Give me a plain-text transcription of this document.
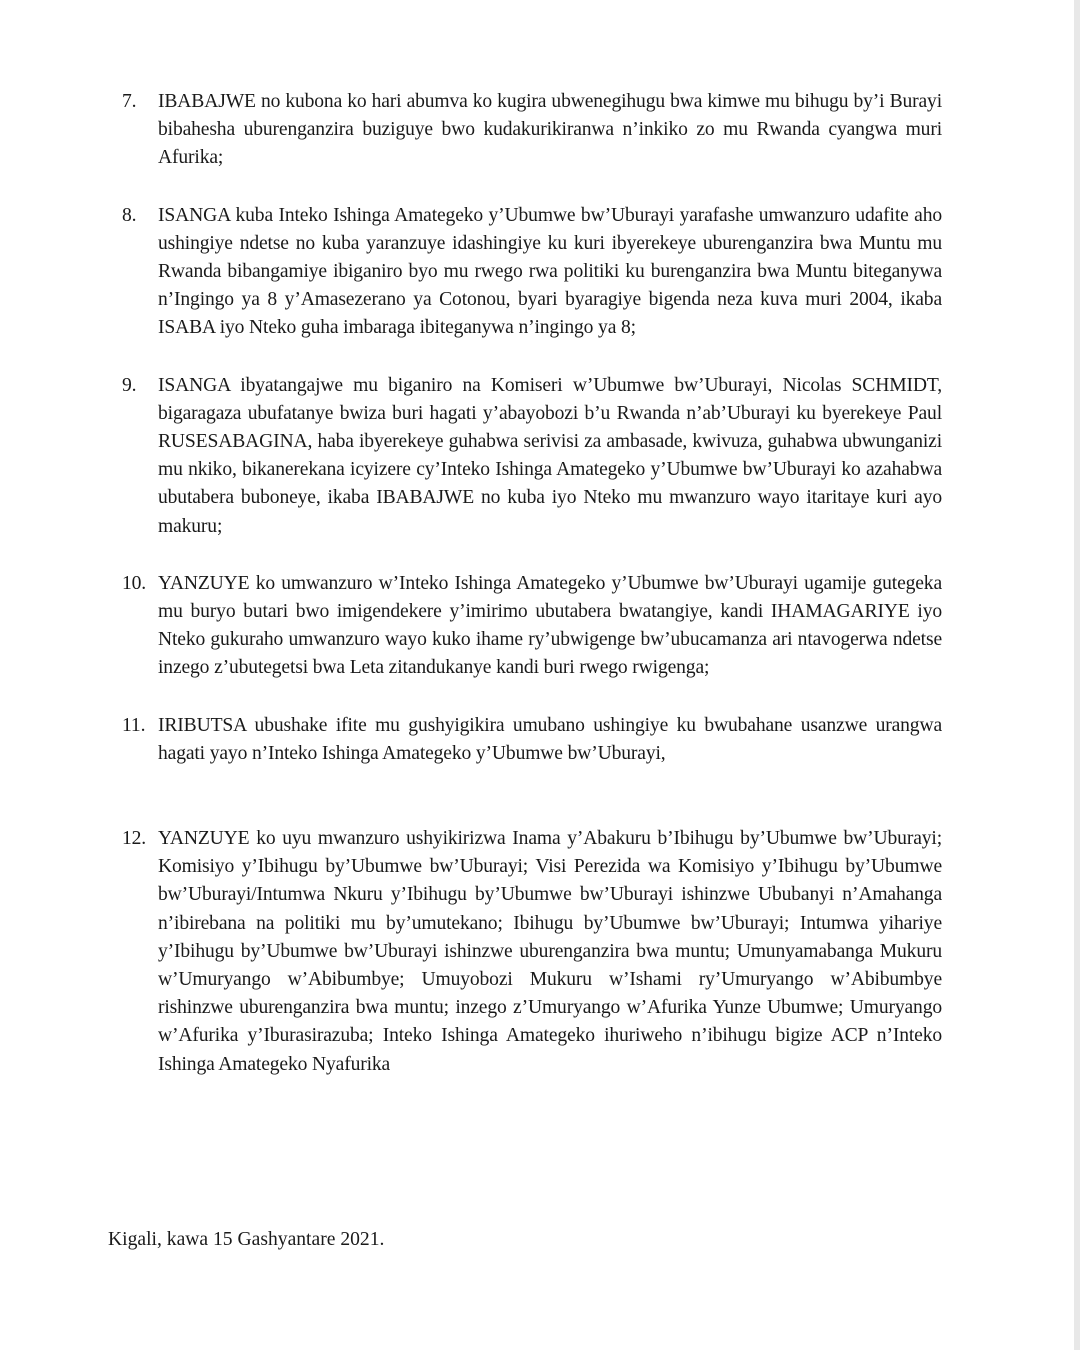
7.	IBABAJWE no kubona ko hari abumva ko kugira ubwenegihugu bwa kimwe mu bihugu by’i Burayi bibahesha uburenganzira buziguye bwo kudakurikiranwa n’inkiko zo mu Rwanda cyangwa muri Afurika;
8.	ISANGA kuba Inteko Ishinga Amategeko y’Ubumwe bw’Uburayi yarafashe umwanzuro udafite aho ushingiye ndetse no kuba yaranzuye idashingiye ku kuri ibyerekeye uburenganzira bwa Muntu mu Rwanda bibangamiye ibiganiro byo mu rwego rwa politiki ku burenganzira bwa Muntu biteganywa n’Ingingo ya 8 y’Amasezerano ya Cotonou, byari byaragiye bigenda neza kuva muri 2004, ikaba ISABA iyo Nteko guha imbaraga ibiteganywa n’ingingo ya 8;
9.	ISANGA ibyatangajwe mu biganiro na Komiseri w’Ubumwe bw’Uburayi, Nicolas SCHMIDT, bigaragaza ubufatanye bwiza buri hagati y’abayobozi b’u Rwanda n’ab’Uburayi ku byerekeye Paul RUSESABAGINA, haba ibyerekeye guhabwa serivisi za ambasade, kwivuza, guhabwa ubwunganizi mu nkiko, bikanerekana icyizere cy’Inteko Ishinga Amategeko y’Ubumwe bw’Uburayi ko azahabwa ubutabera buboneye, ikaba IBABAJWE no kuba iyo Nteko mu mwanzuro wayo itaritaye kuri ayo makuru;
10. YANZUYE ko umwanzuro w’Inteko Ishinga Amategeko y’Ubumwe bw’Uburayi ugamije gutegeka mu buryo butari bwo imigendekere y’imirimo ubutabera bwatangiye, kandi IHAMAGARIYE iyo Nteko gukuraho umwanzuro wayo kuko ihame ry’ubwigenge bw’ubucamanza ari ntavogerwa ndetse inzego z’ubutegetsi bwa Leta zitandukanye kandi buri rwego rwigenga;
11. IRIBUTSA ubushake ifite mu gushyigikira umubano ushingiye ku bwubahane usanzwe urangwa hagati yayo n’Inteko Ishinga Amategeko y’Ubumwe bw’Uburayi,
12. YANZUYE ko uyu mwanzuro ushyikirizwa Inama y’Abakuru b’Ibihugu by’Ubumwe bw’Uburayi; Komisiyo y’Ibihugu by’Ubumwe bw’Uburayi; Visi Perezida wa Komisiyo y’Ibihugu by’Ubumwe bw’Uburayi/Intumwa Nkuru y’Ibihugu by’Ubumwe bw’Uburayi ishinzwe Ububanyi n’Amahanga n’ibirebana na politiki mu by’umutekano; Ibihugu by’Ubumwe bw’Uburayi; Intumwa yihariye y’Ibihugu by’Ubumwe bw’Uburayi ishinzwe uburenganzira bwa muntu; Umunyamabanga Mukuru w’Umuryango w’Abibumbye; Umuyobozi Mukuru w’Ishami ry’Umuryango w’Abibumbye rishinzwe uburenganzira bwa muntu; inzego z’Umuryango w’Afurika Yunze Ubumwe; Umuryango w’Afurika y’Iburasirazuba; Inteko Ishinga Amategeko ihuriweho n’ibihugu bigize ACP n’Inteko Ishinga Amategeko Nyafurika
Kigali, kawa 15 Gashyantare 2021.
